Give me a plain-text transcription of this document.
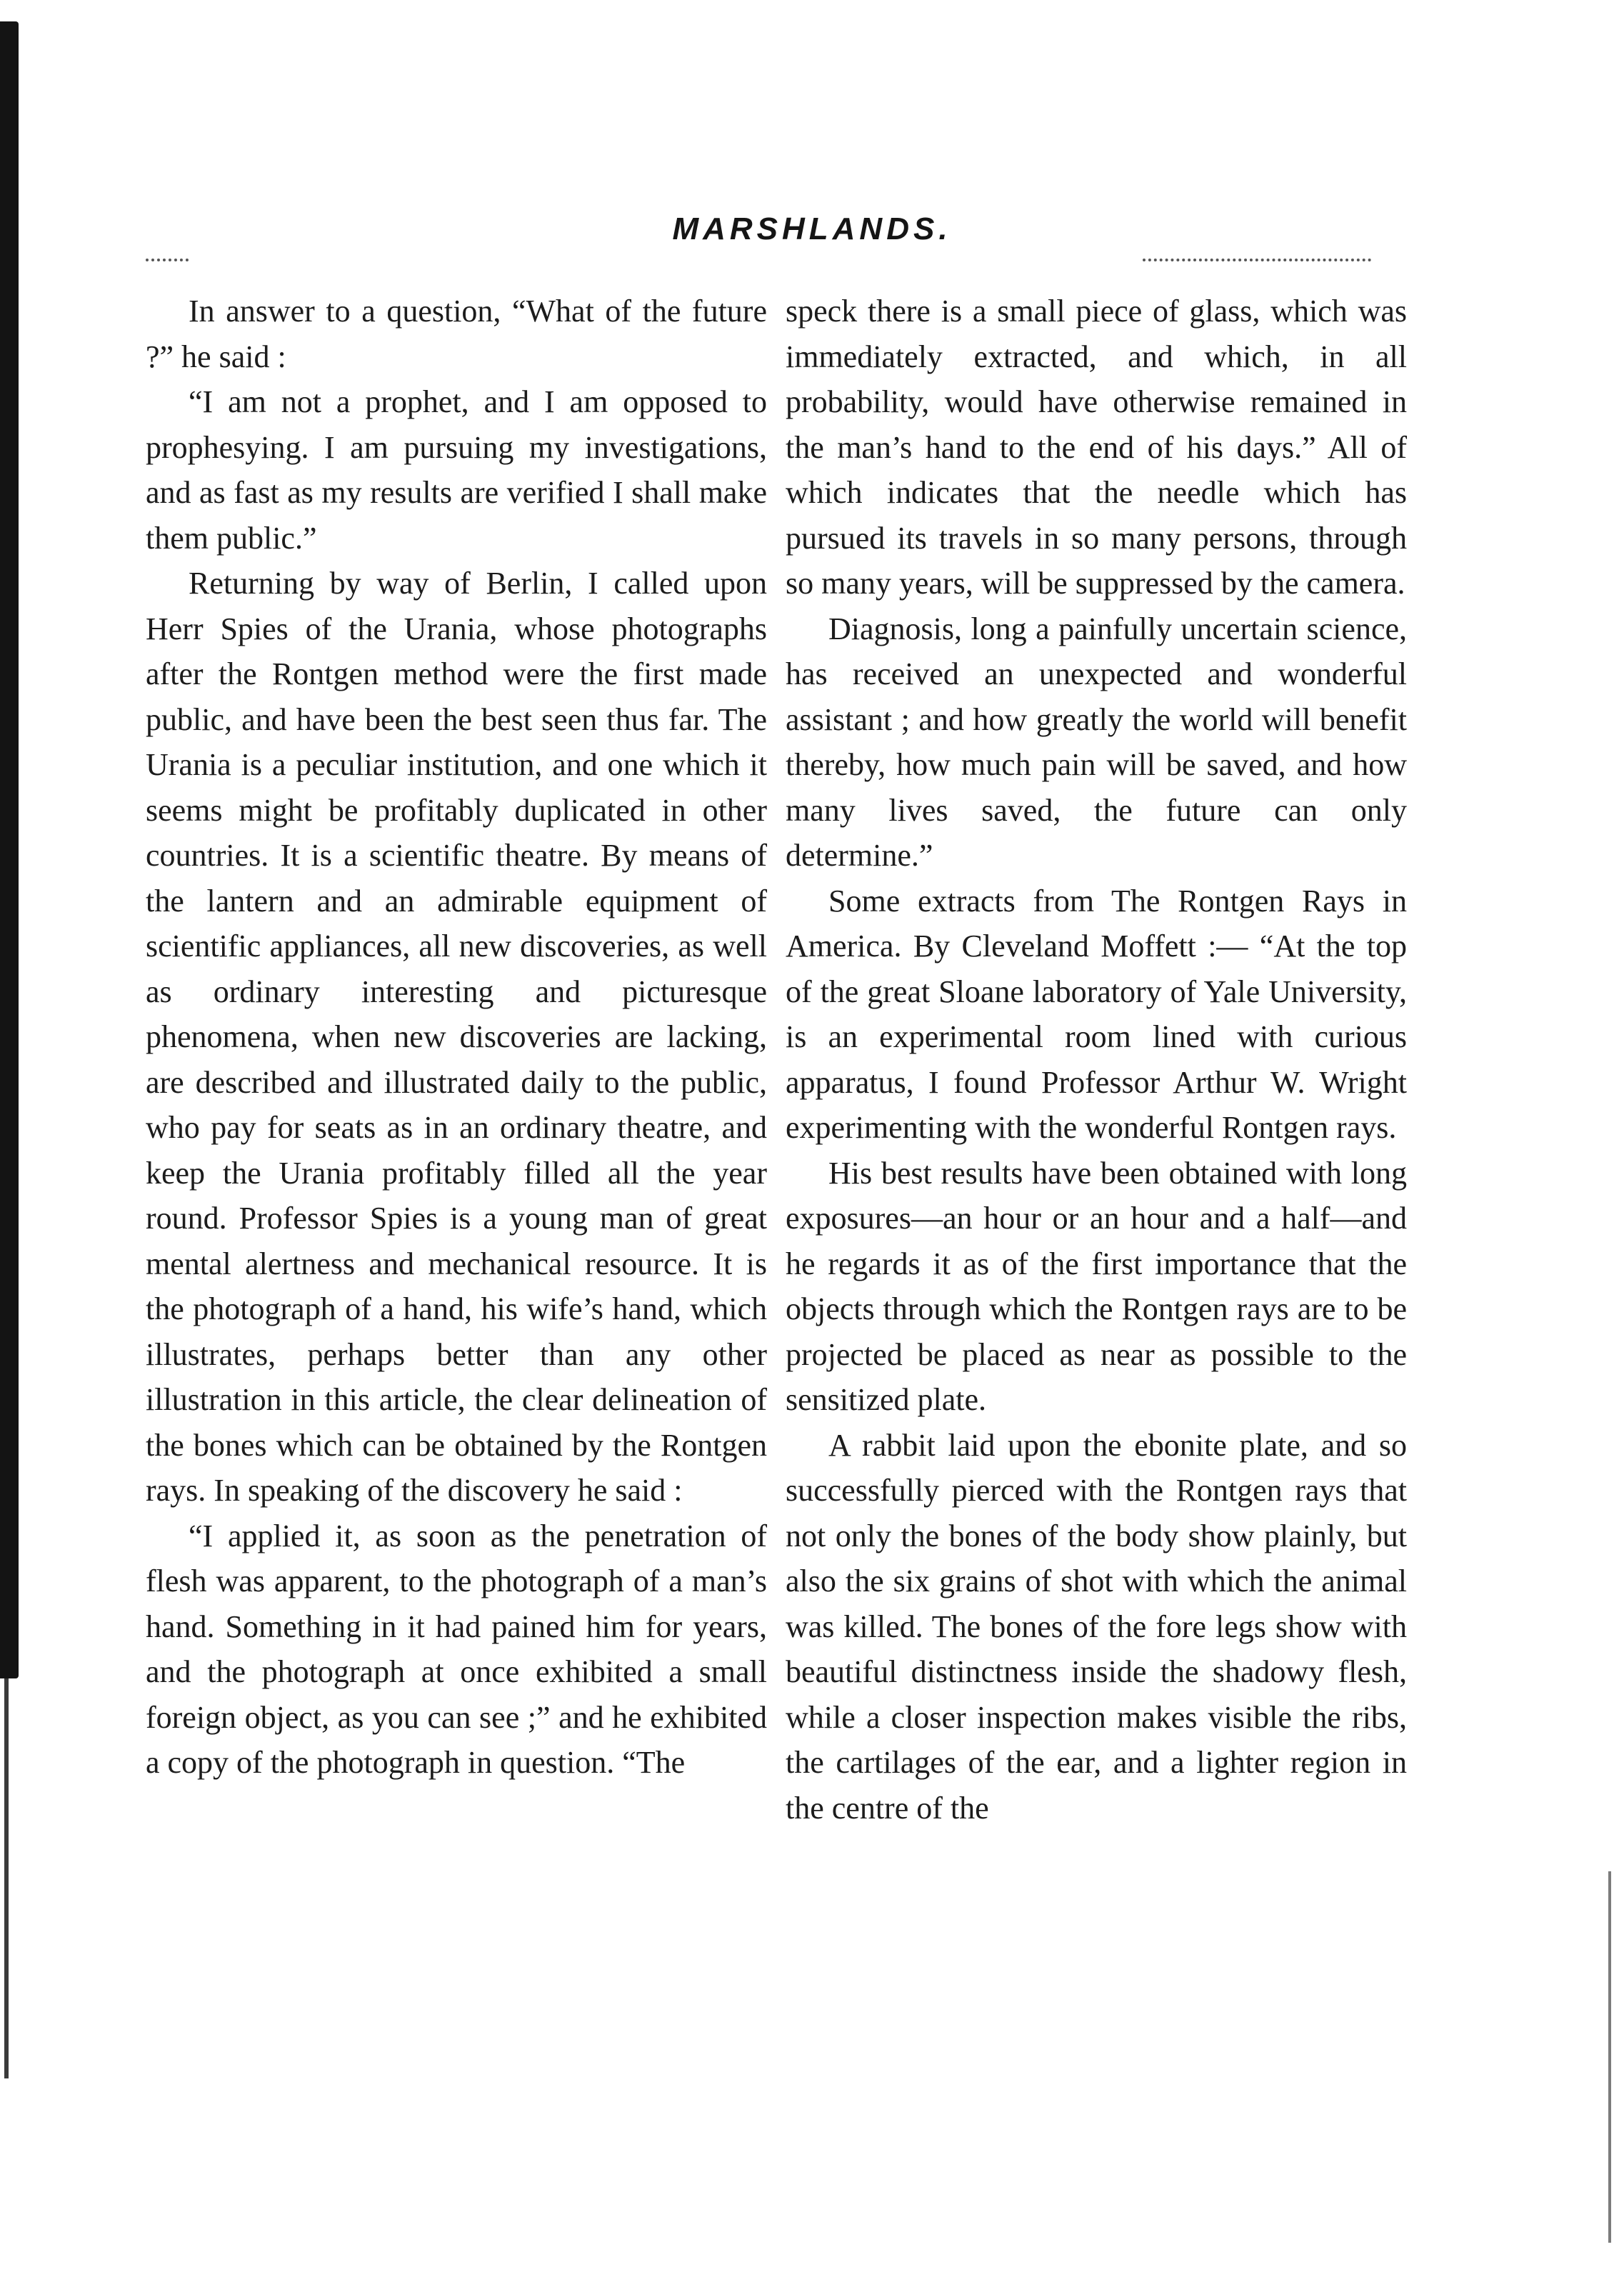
MARSHLANDS.

In answer to a question, “What of the future ?” he said :

“I am not a prophet, and I am opposed to prophesying. I am pursuing my investigations, and as fast as my results are verified I shall make them public.”

Returning by way of Berlin, I called upon Herr Spies of the Urania, whose photographs after the Rontgen method were the first made public, and have been the best seen thus far. The Urania is a peculiar institution, and one which it seems might be profitably duplicated in other countries. It is a scientific theatre. By means of the lantern and an admirable equipment of scientific appliances, all new discoveries, as well as ordinary interesting and picturesque phenomena, when new discoveries are lacking, are described and illustrated daily to the public, who pay for seats as in an ordinary theatre, and keep the Urania profitably filled all the year round. Professor Spies is a young man of great mental alertness and mechanical resource. It is the photograph of a hand, his wife’s hand, which illustrates, perhaps better than any other illustration in this article, the clear delineation of the bones which can be obtained by the Rontgen rays. In speaking of the discovery he said :

“I applied it, as soon as the penetration of flesh was apparent, to the photograph of a man’s hand. Something in it had pained him for years, and the photograph at once exhibited a small foreign object, as you can see ;” and he exhibited a copy of the photograph in question. “The

speck there is a small piece of glass, which was immediately extracted, and which, in all probability, would have otherwise remained in the man’s hand to the end of his days.” All of which indicates that the needle which has pursued its travels in so many persons, through so many years, will be suppressed by the camera.

Diagnosis, long a painfully uncertain science, has received an unexpected and wonderful assistant ; and how greatly the world will benefit thereby, how much pain will be saved, and how many lives saved, the future can only determine.”

Some extracts from The Rontgen Rays in America. By Cleveland Moffett :— “At the top of the great Sloane laboratory of Yale University, is an experimental room lined with curious apparatus, I found Professor Arthur W. Wright experimenting with the wonderful Rontgen rays.

His best results have been obtained with long exposures—an hour or an hour and a half—and he regards it as of the first importance that the objects through which the Rontgen rays are to be projected be placed as near as possible to the sensitized plate.

A rabbit laid upon the ebonite plate, and so successfully pierced with the Rontgen rays that not only the bones of the body show plainly, but also the six grains of shot with which the animal was killed. The bones of the fore legs show with beautiful distinctness inside the shadowy flesh, while a closer inspection makes visible the ribs, the cartilages of the ear, and a lighter region in the centre of the
